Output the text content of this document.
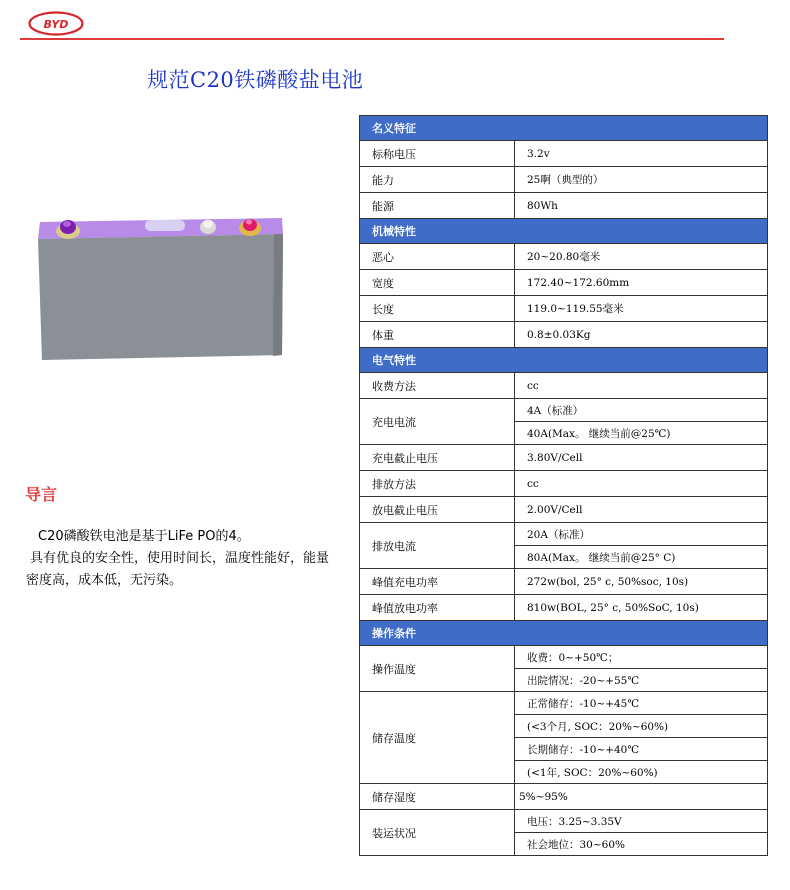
BYD
规范C20铁磷酸盐电池
导言

C20磷酸铁电池是基于LiFe PO的4。

具有优良的安全性，使用时间长，温度性能好，能量

密度高，成本低，无污染。

名义特征	
标称电压	3.2v
能力	25啊（典型的）
能源	80Wh
机械特性	
恶心	20~20.80毫米
宽度	172.40~172.60mm
长度	119.0~119.55毫米
体重	0.8±0.03Kg
电气特性	
收费方法	cc
充电电流	4A（标准）
	40A(Max。 继续当前@25℃)
充电截止电压	3.80V/Cell
排放方法	cc
放电截止电压	2.00V/Cell
排放电流	20A（标准）
	80A(Max。 继续当前@25° C)
峰值充电功率	272w(bol, 25° c, 50%soc, 10s)
峰值放电功率	810w(BOL, 25° c, 50%SoC, 10s)
操作条件	
操作温度	收费：0~+50℃；
	出院情况：-20~+55℃
储存温度	正常储存：-10~+45℃
	(<3个月, SOC：20%~60%)
	长期储存：-10~+40℃
	(<1年, SOC：20%~60%)
储存湿度	5%~95%
装运状况	电压：3.25~3.35V
	社会地位：30~60%
